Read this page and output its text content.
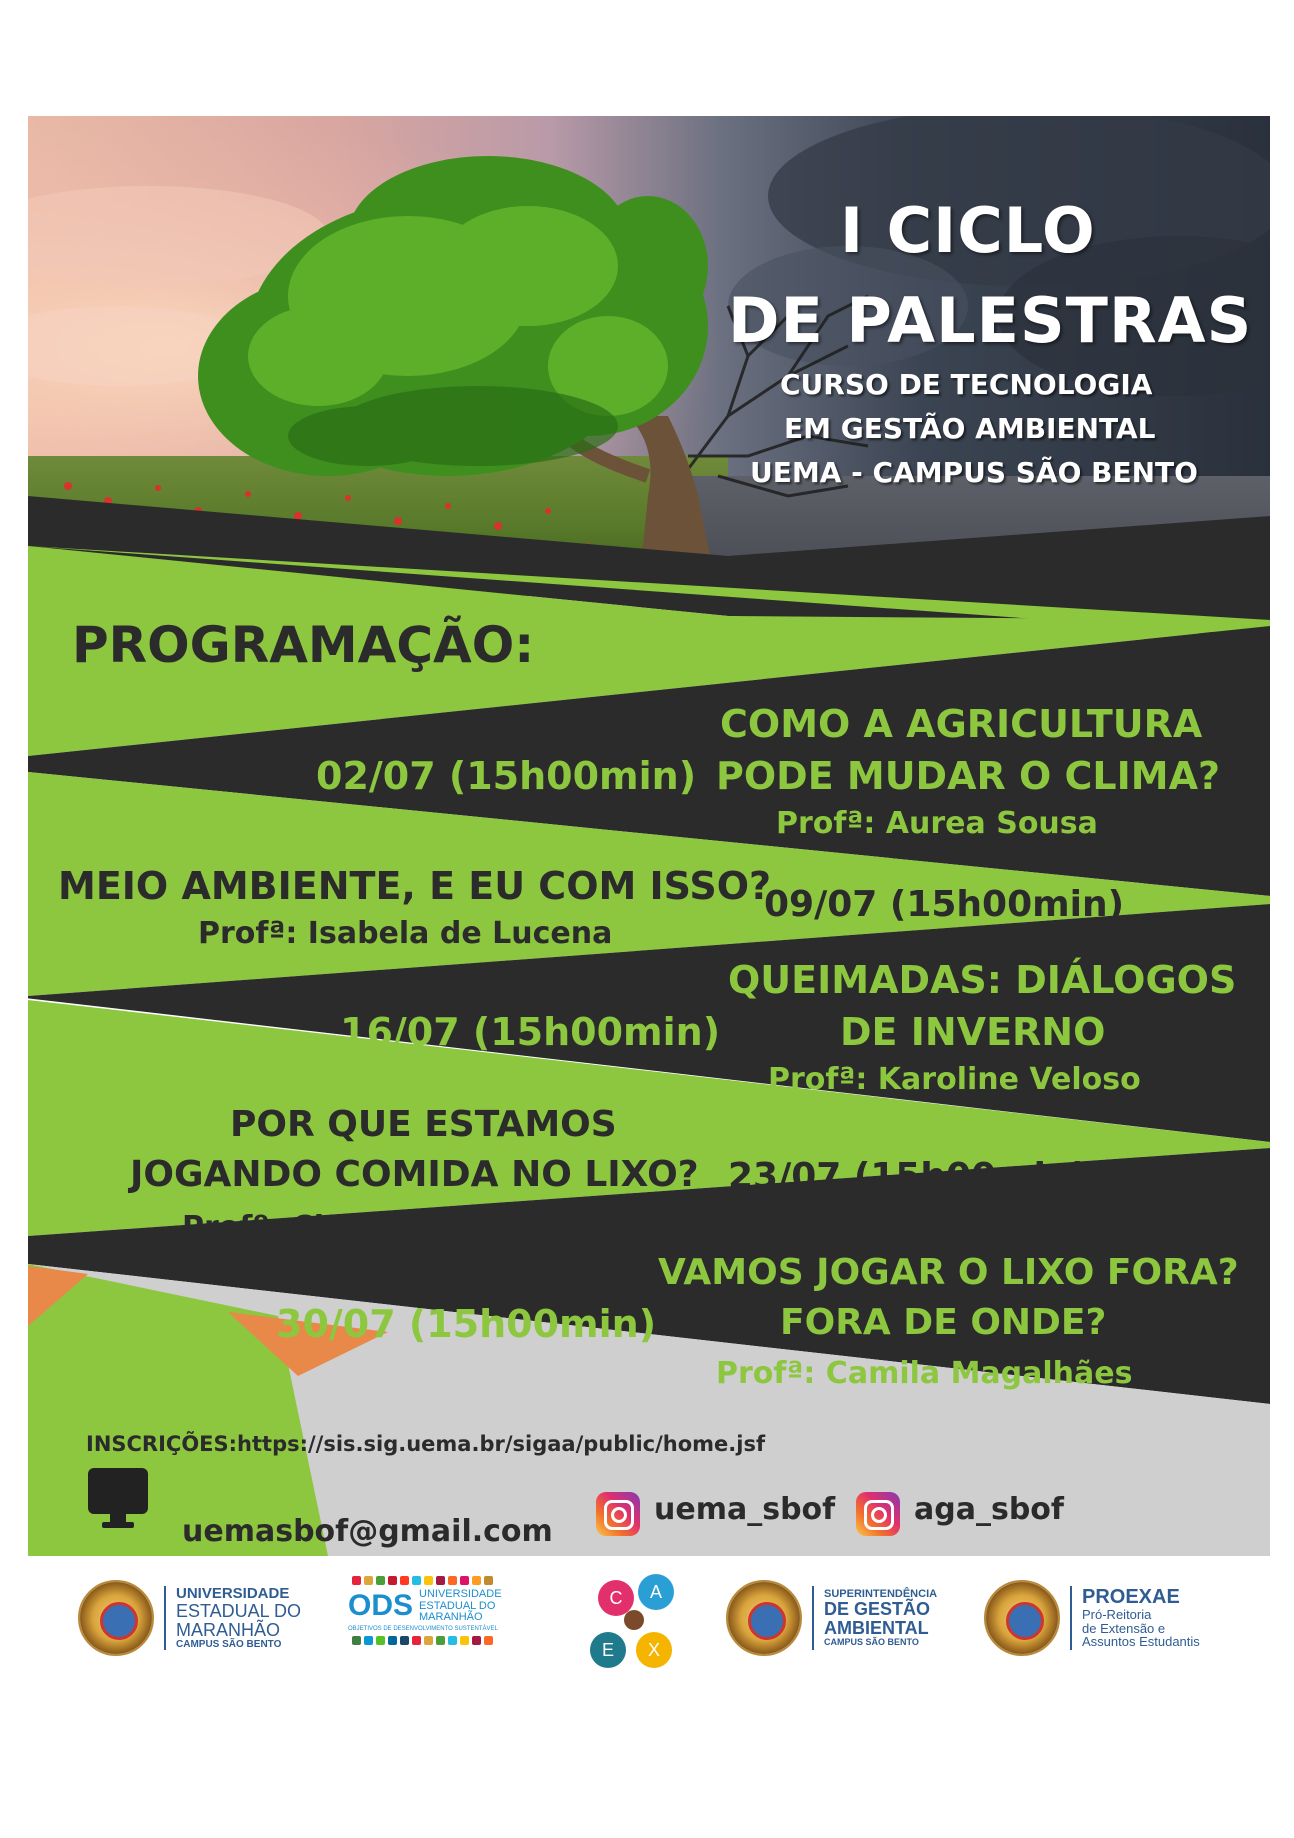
I CICLO
DE PALESTRAS
CURSO DE TECNOLOGIA
EM GESTÃO AMBIENTAL
UEMA - CAMPUS SÃO BENTO
PROGRAMAÇÃO:
COMO A AGRICULTURA
PODE MUDAR O CLIMA?
02/07 (15h00min)
Profª: Aurea Sousa
MEIO AMBIENTE, E EU COM ISSO?
09/07 (15h00min)
Profª: Isabela de Lucena
QUEIMADAS: DIÁLOGOS
DE INVERNO
16/07 (15h00min)
Profª: Karoline Veloso
POR QUE ESTAMOS
JOGANDO COMIDA NO LIXO? 23/07 (15h00min)
Profº: Christian Humberto
VAMOS JOGAR O LIXO FORA?
FORA DE ONDE?
30/07 (15h00min)
Profª: Camila Magalhães
INSCRIÇÕES:https://sis.sig.uema.br/sigaa/public/home.jsf
uemasbof@gmail.com
uema_sbof	aga_sbof
UNIVERSIDADE
ESTADUAL DO
MARANHÃO
CAMPUS SÃO BENTO
ODS UNIVERSIDADE
ESTADUAL DO
MARANHÃO
OBJETIVOS DE DESENVOLVIMENTO SUSTENTÁVEL
C	A
E	X
SUPERINTENDÊNCIA
DE GESTÃO
AMBIENTAL
CAMPUS SÃO BENTO
PROEXAE
Pró-Reitoria
de Extensão e
Assuntos Estudantis
